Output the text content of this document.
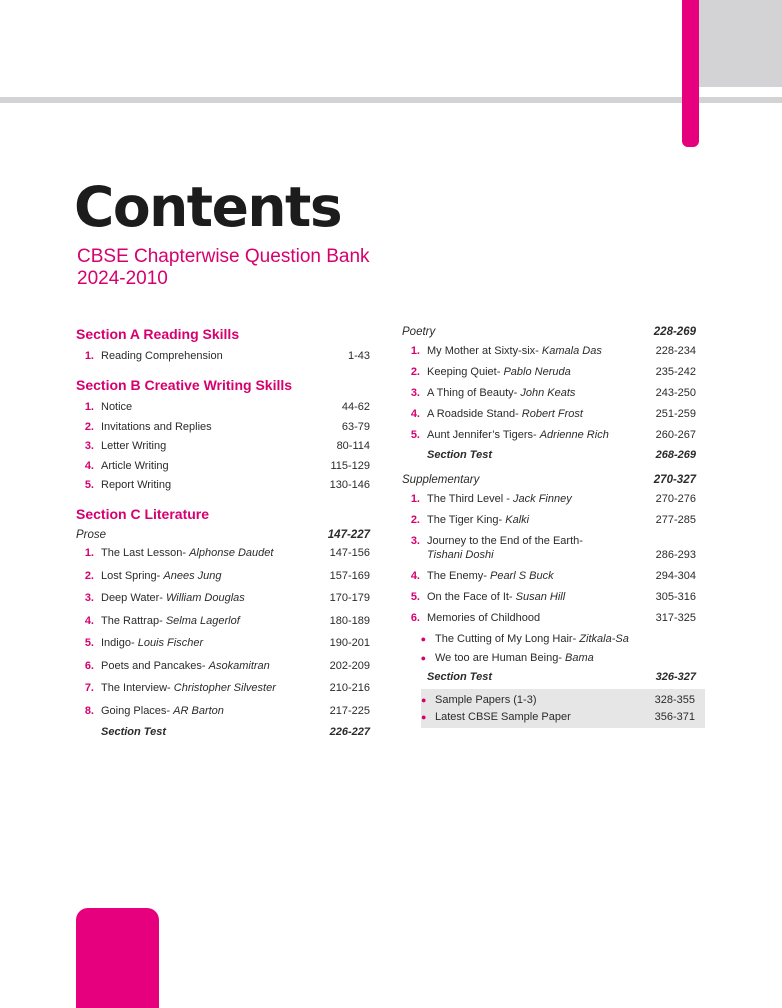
Contents
CBSE Chapterwise Question Bank
2024-2010
Section A Reading Skills
1. Reading Comprehension	1-43
Section B Creative Writing Skills
1. Notice	44-62
2. Invitations and Replies	63-79
3. Letter Writing	80-114
4. Article Writing	115-129
5. Report Writing	130-146
Section C Literature
Prose	147-227
1. The Last Lesson- Alphonse Daudet	147-156
2. Lost Spring- Anees Jung	157-169
3. Deep Water- William Douglas	170-179
4. The Rattrap- Selma Lagerlof	180-189
5. Indigo- Louis Fischer	190-201
6. Poets and Pancakes- Asokamitran	202-209
7. The Interview- Christopher Silvester	210-216
8. Going Places- AR Barton	217-225
Section Test	226-227
Poetry	228-269
1. My Mother at Sixty-six- Kamala Das	228-234
2. Keeping Quiet- Pablo Neruda	235-242
3. A Thing of Beauty- John Keats	243-250
4. A Roadside Stand- Robert Frost	251-259
5. Aunt Jennifer’s Tigers- Adrienne Rich	260-267
Section Test	268-269
Supplementary	270-327
1. The Third Level - Jack Finney	270-276
2. The Tiger King- Kalki	277-285
3. Journey to the End of the Earth-
Tishani Doshi	286-293
4. The Enemy- Pearl S Buck	294-304
5. On the Face of It- Susan Hill	305-316
6. Memories of Childhood	317-325
● The Cutting of My Long Hair- Zitkala-Sa
● We too are Human Being- Bama
Section Test	326-327
● Sample Papers (1-3)	328-355
● Latest CBSE Sample Paper	356-371
